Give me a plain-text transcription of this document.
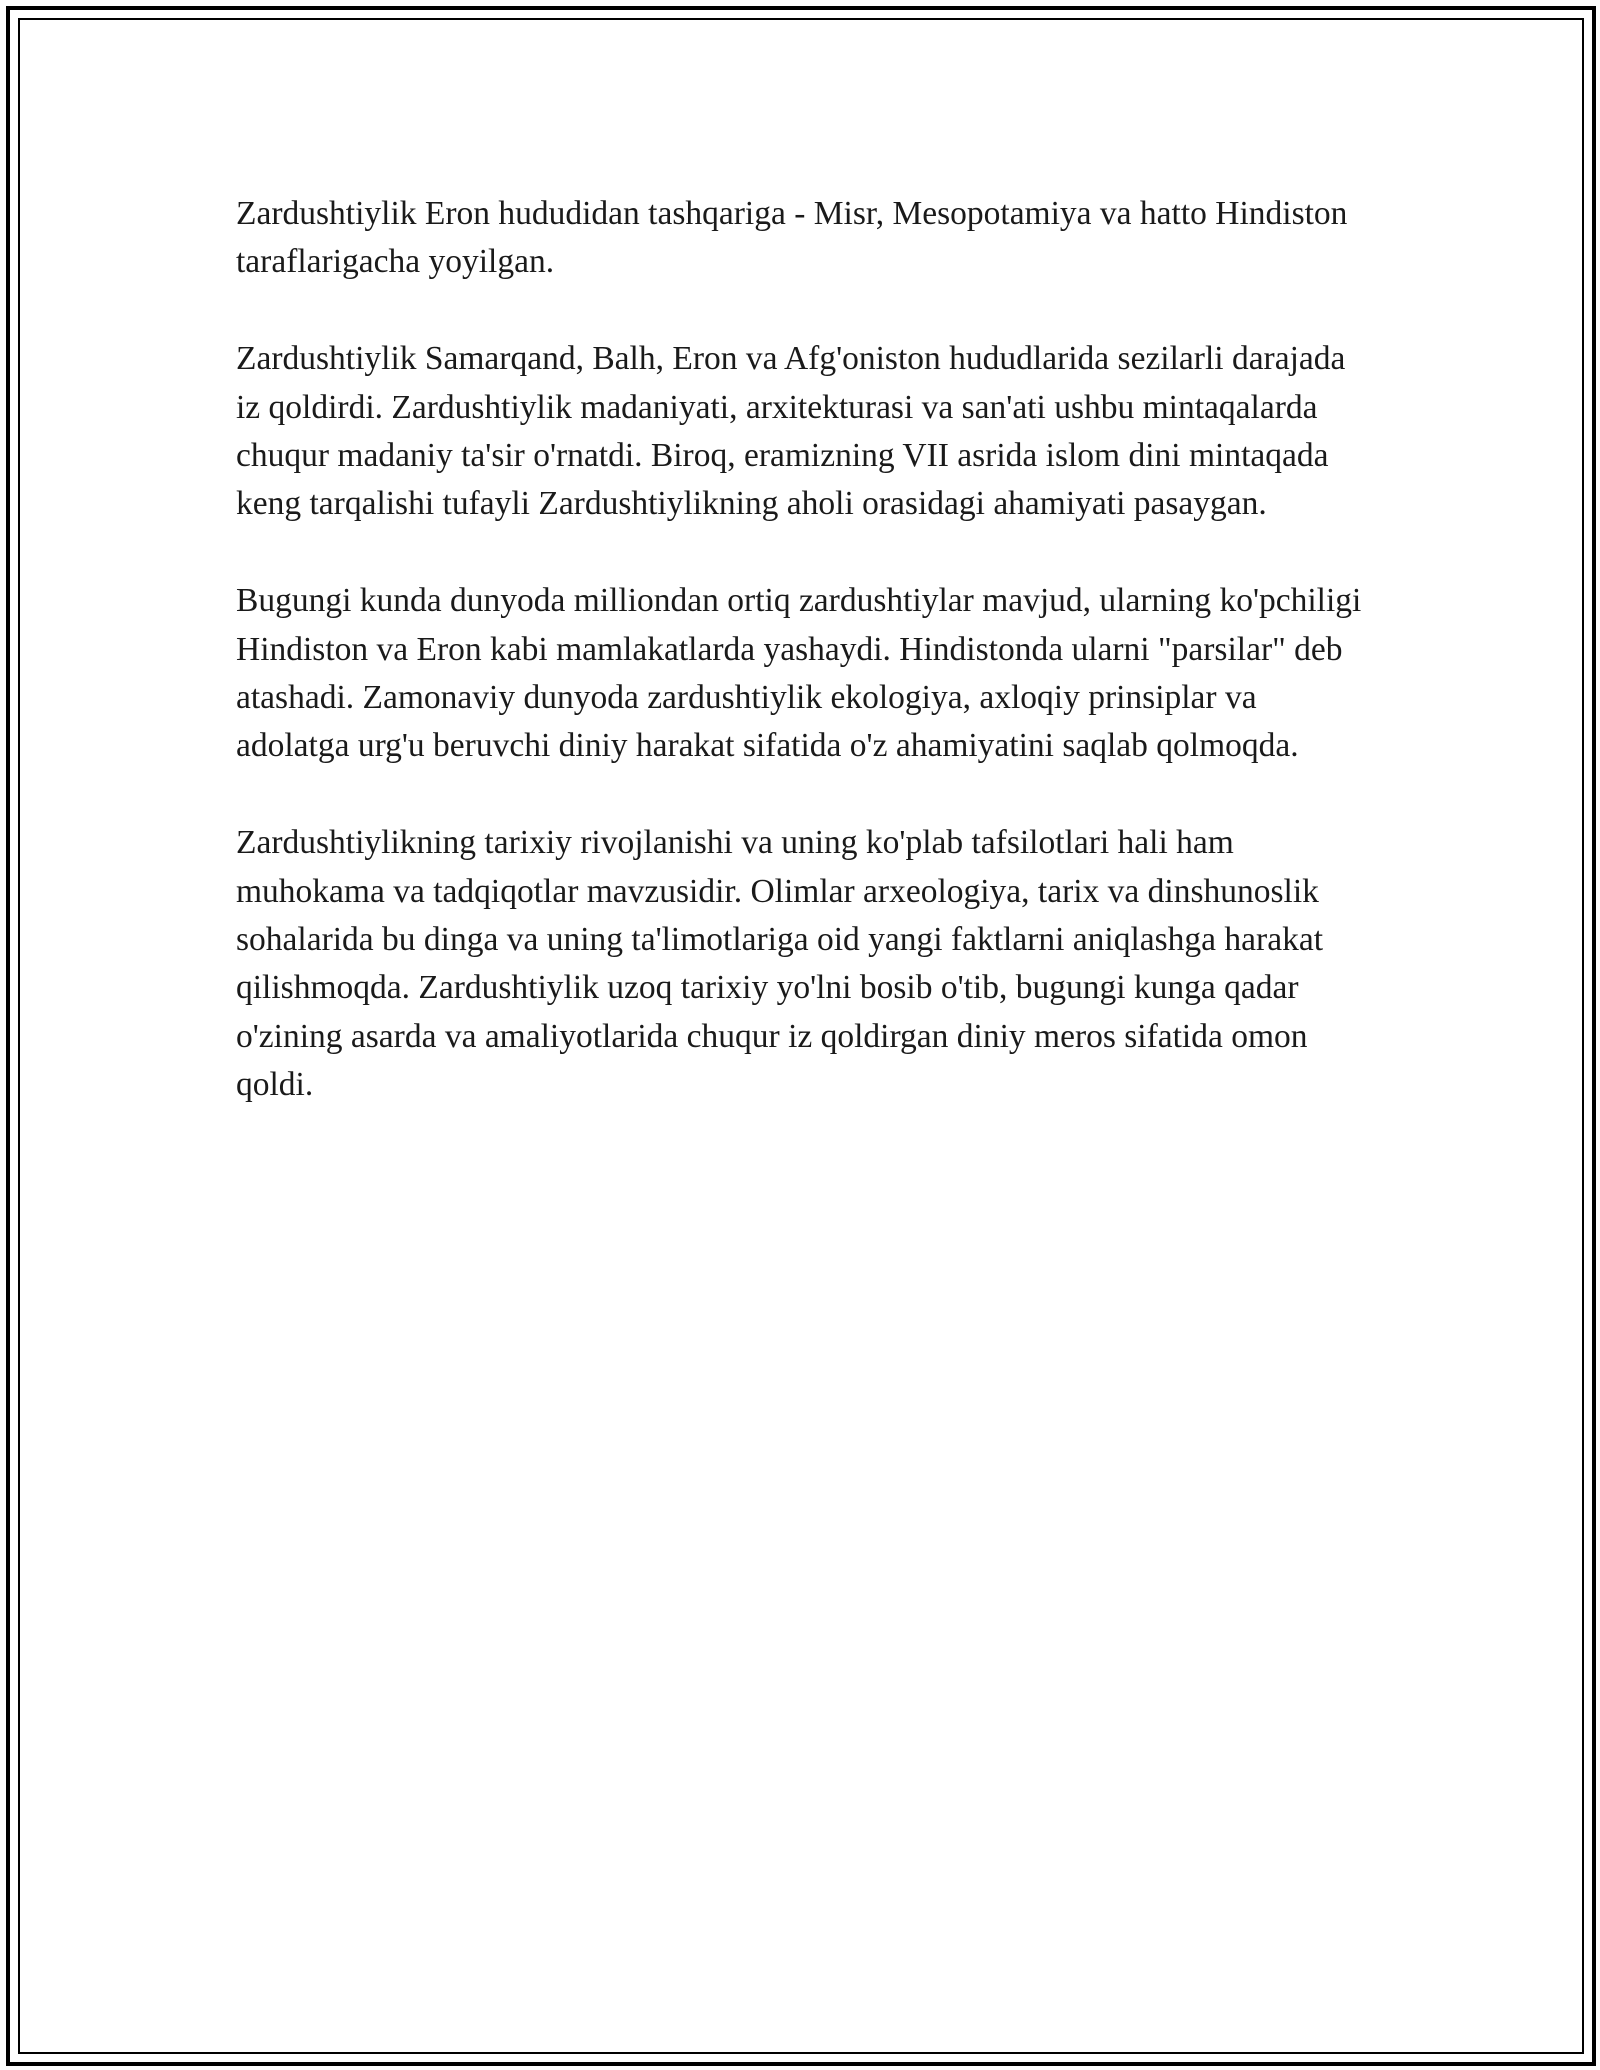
Zardushtiylik Eron hududidan tashqariga - Misr, Mesopotamiya va hatto Hindiston taraflarigacha yoyilgan.

Zardushtiylik Samarqand, Balh, Eron va Afg'oniston hududlarida sezilarli darajada iz qoldirdi. Zardushtiylik madaniyati, arxitekturasi va san'ati ushbu mintaqalarda chuqur madaniy ta'sir o'rnatdi. Biroq, eramizning VII asrida islom dini mintaqada keng tarqalishi tufayli Zardushtiylikning aholi orasidagi ahamiyati pasaygan.

Bugungi kunda dunyoda milliondan ortiq zardushtiylar mavjud, ularning ko'pchiligi Hindiston va Eron kabi mamlakatlarda yashaydi. Hindistonda ularni "parsilar" deb atashadi. Zamonaviy dunyoda zardushtiylik ekologiya, axloqiy prinsiplar va adolatga urg'u beruvchi diniy harakat sifatida o'z ahamiyatini saqlab qolmoqda.

Zardushtiylikning tarixiy rivojlanishi va uning ko'plab tafsilotlari hali ham muhokama va tadqiqotlar mavzusidir. Olimlar arxeologiya, tarix va dinshunoslik sohalarida bu dinga va uning ta'limotlariga oid yangi faktlarni aniqlashga harakat qilishmoqda. Zardushtiylik uzoq tarixiy yo'lni bosib o'tib, bugungi kunga qadar o'zining asarda va amaliyotlarida chuqur iz qoldirgan diniy meros sifatida omon qoldi.
